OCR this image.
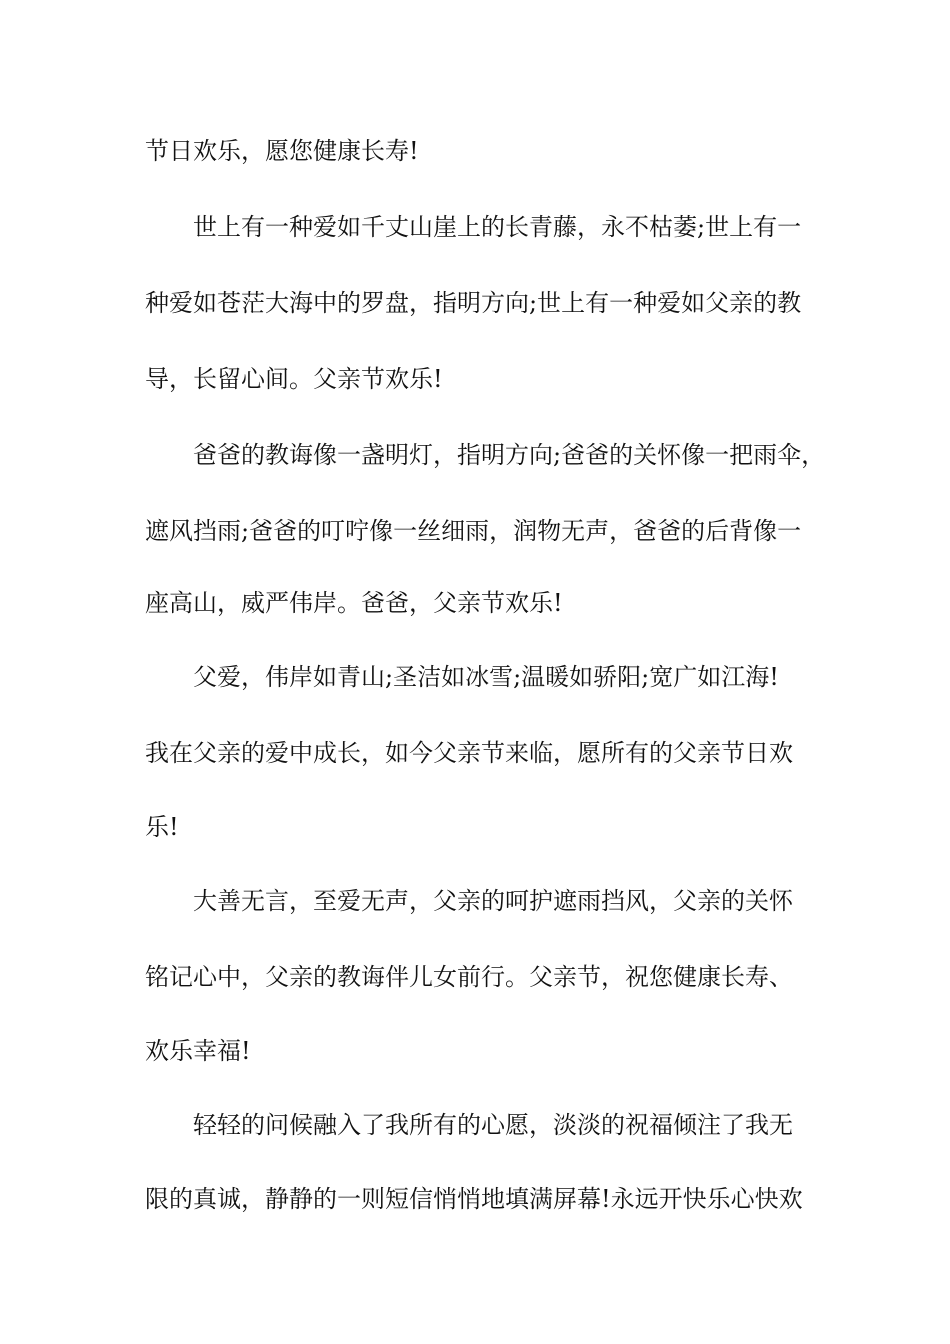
节日欢乐，愿您健康长寿!
世上有一种爱如千丈山崖上的长青藤，永不枯萎;世上有一
种爱如苍茫大海中的罗盘，指明方向;世上有一种爱如父亲的教
导，长留心间。父亲节欢乐!
爸爸的教诲像一盏明灯，指明方向;爸爸的关怀像一把雨伞，
遮风挡雨;爸爸的叮咛像一丝细雨，润物无声，爸爸的后背像一
座高山，威严伟岸。爸爸，父亲节欢乐!
父爱，伟岸如青山;圣洁如冰雪;温暖如骄阳;宽广如江海!
我在父亲的爱中成长，如今父亲节来临，愿所有的父亲节日欢
乐!
大善无言，至爱无声，父亲的呵护遮雨挡风，父亲的关怀
铭记心中，父亲的教诲伴儿女前行。父亲节，祝您健康长寿、
欢乐幸福!
轻轻的问候融入了我所有的心愿，淡淡的祝福倾注了我无
限的真诚，静静的一则短信悄悄地填满屏幕!永远开快乐心快欢
